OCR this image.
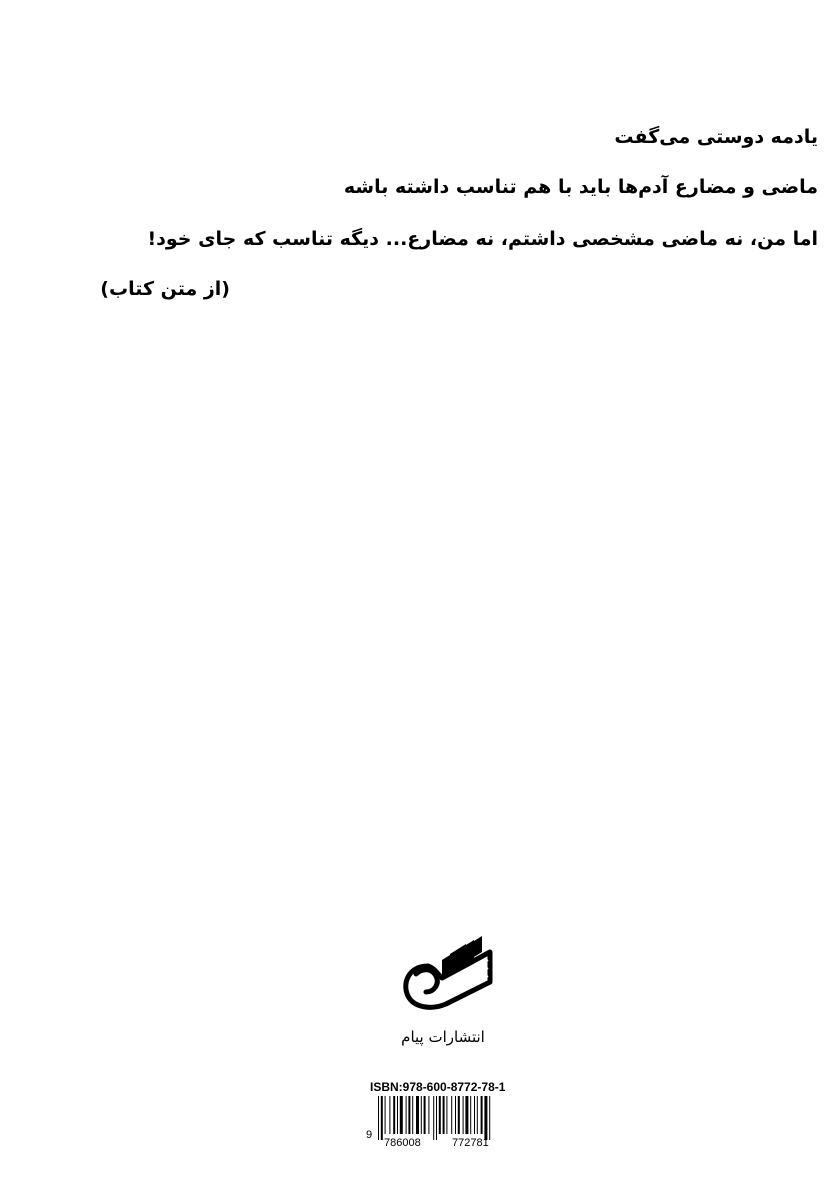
یادمه دوستی می‌گفت

ماضی و مضارع آدم‌ها باید با هم تناسب داشته باشه

اما من، نه ماضی مشخصی داشتم، نه مضارع... دیگه تناسب که جای خود!

(از متن کتاب)

انتشارات پیام
ISBN:978-600-8772-78-1
9
786008	772781
